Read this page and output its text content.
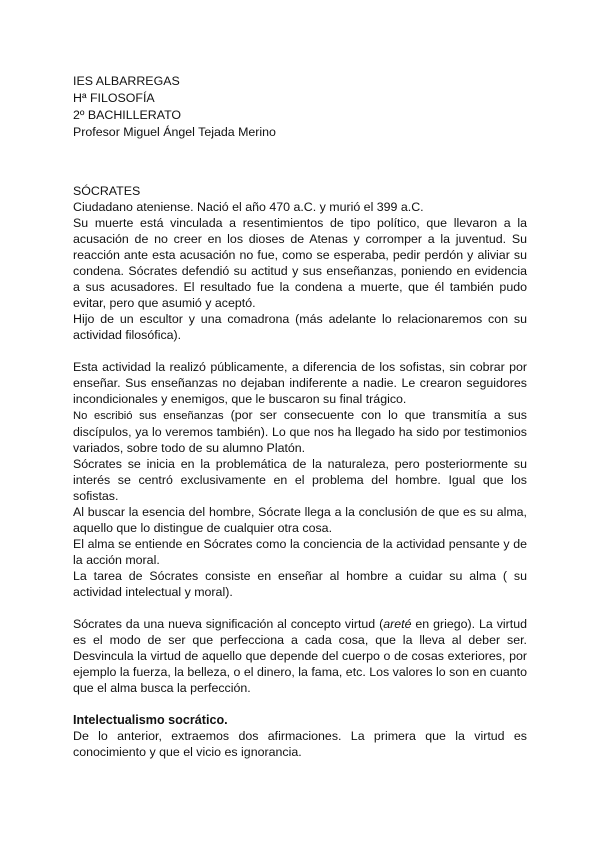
IES ALBARREGAS
Hª FILOSOFÍA
2º BACHILLERATO
Profesor Miguel Ángel Tejada Merino

SÓCRATES

Ciudadano ateniense. Nació el año 470 a.C. y murió el 399 a.C.

Su muerte está vinculada a resentimientos de tipo político, que llevaron a la acusación de no creer en los dioses de Atenas y corromper a la juventud. Su reacción ante esta acusación no fue, como se esperaba, pedir perdón y aliviar su condena. Sócrates defendió su actitud y sus enseñanzas, poniendo en evidencia a sus acusadores. El resultado fue la condena a muerte, que él también pudo evitar, pero que asumió y aceptó.

Hijo de un escultor y una comadrona (más adelante lo relacionaremos con su actividad filosófica).

Esta actividad la realizó públicamente, a diferencia de los sofistas, sin cobrar por enseñar. Sus enseñanzas no dejaban indiferente a nadie. Le crearon seguidores incondicionales y enemigos, que le buscaron su final trágico.

No escribió sus enseñanzas (por ser consecuente con lo que transmitía a sus discípulos, ya lo veremos también). Lo que nos ha llegado ha sido por testimonios variados, sobre todo de su alumno Platón.

Sócrates se inicia en la problemática de la naturaleza, pero posteriormente su interés se centró exclusivamente en el problema del hombre. Igual que los sofistas.

Al buscar la esencia del hombre, Sócrate llega a la conclusión de que es su alma, aquello que lo distingue de cualquier otra cosa.

El alma se entiende en Sócrates como la conciencia de la actividad pensante y de la acción moral.

La tarea de Sócrates consiste en enseñar al hombre a cuidar su alma ( su actividad intelectual y moral).

Sócrates da una nueva significación al concepto virtud (areté en griego). La virtud es el modo de ser que perfecciona a cada cosa, que la lleva al deber ser. Desvincula la virtud de aquello que depende del cuerpo o de cosas exteriores, por ejemplo la fuerza, la belleza, o el dinero, la fama, etc. Los valores lo son en cuanto que el alma busca la perfección.

Intelectualismo socrático.

De lo anterior, extraemos dos afirmaciones. La primera que la virtud es conocimiento y que el vicio es ignorancia.
